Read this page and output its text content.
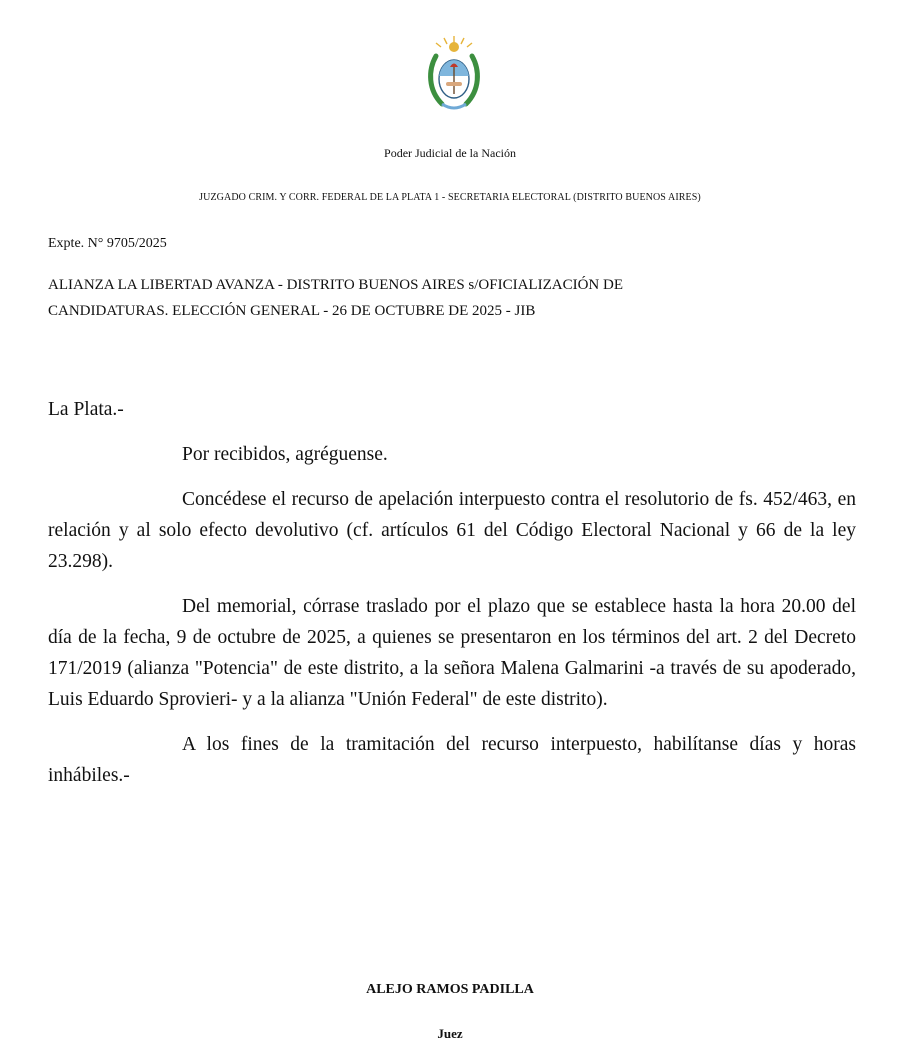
Poder Judicial de la Nación
JUZGADO CRIM. Y CORR. FEDERAL DE LA PLATA 1 - SECRETARIA ELECTORAL (DISTRITO BUENOS AIRES)
Expte. N° 9705/2025

ALIANZA LA LIBERTAD AVANZA - DISTRITO BUENOS AIRES s/OFICIALIZACIÓN DE
CANDIDATURAS. ELECCIÓN GENERAL - 26 DE OCTUBRE DE 2025 - JIB

La Plata.-

Por recibidos, agréguense.

Concédese el recurso de apelación interpuesto contra el resolutorio de fs. 452/463, en relación y al solo efecto devolutivo (cf. artículos 61 del Código Electoral Nacional y 66 de la ley 23.298).

Del memorial, córrase traslado por el plazo que se establece hasta la hora 20.00 del día de la fecha, 9 de octubre de 2025, a quienes se presentaron en los términos del art. 2 del Decreto 171/2019 (alianza "Potencia" de este distrito, a la señora Malena Galmarini -a través de su apoderado, Luis Eduardo Sprovieri- y a la alianza "Unión Federal" de este distrito).

A los fines de la tramitación del recurso interpuesto, habilítanse días y horas inhábiles.-

ALEJO RAMOS PADILLA
Juez
